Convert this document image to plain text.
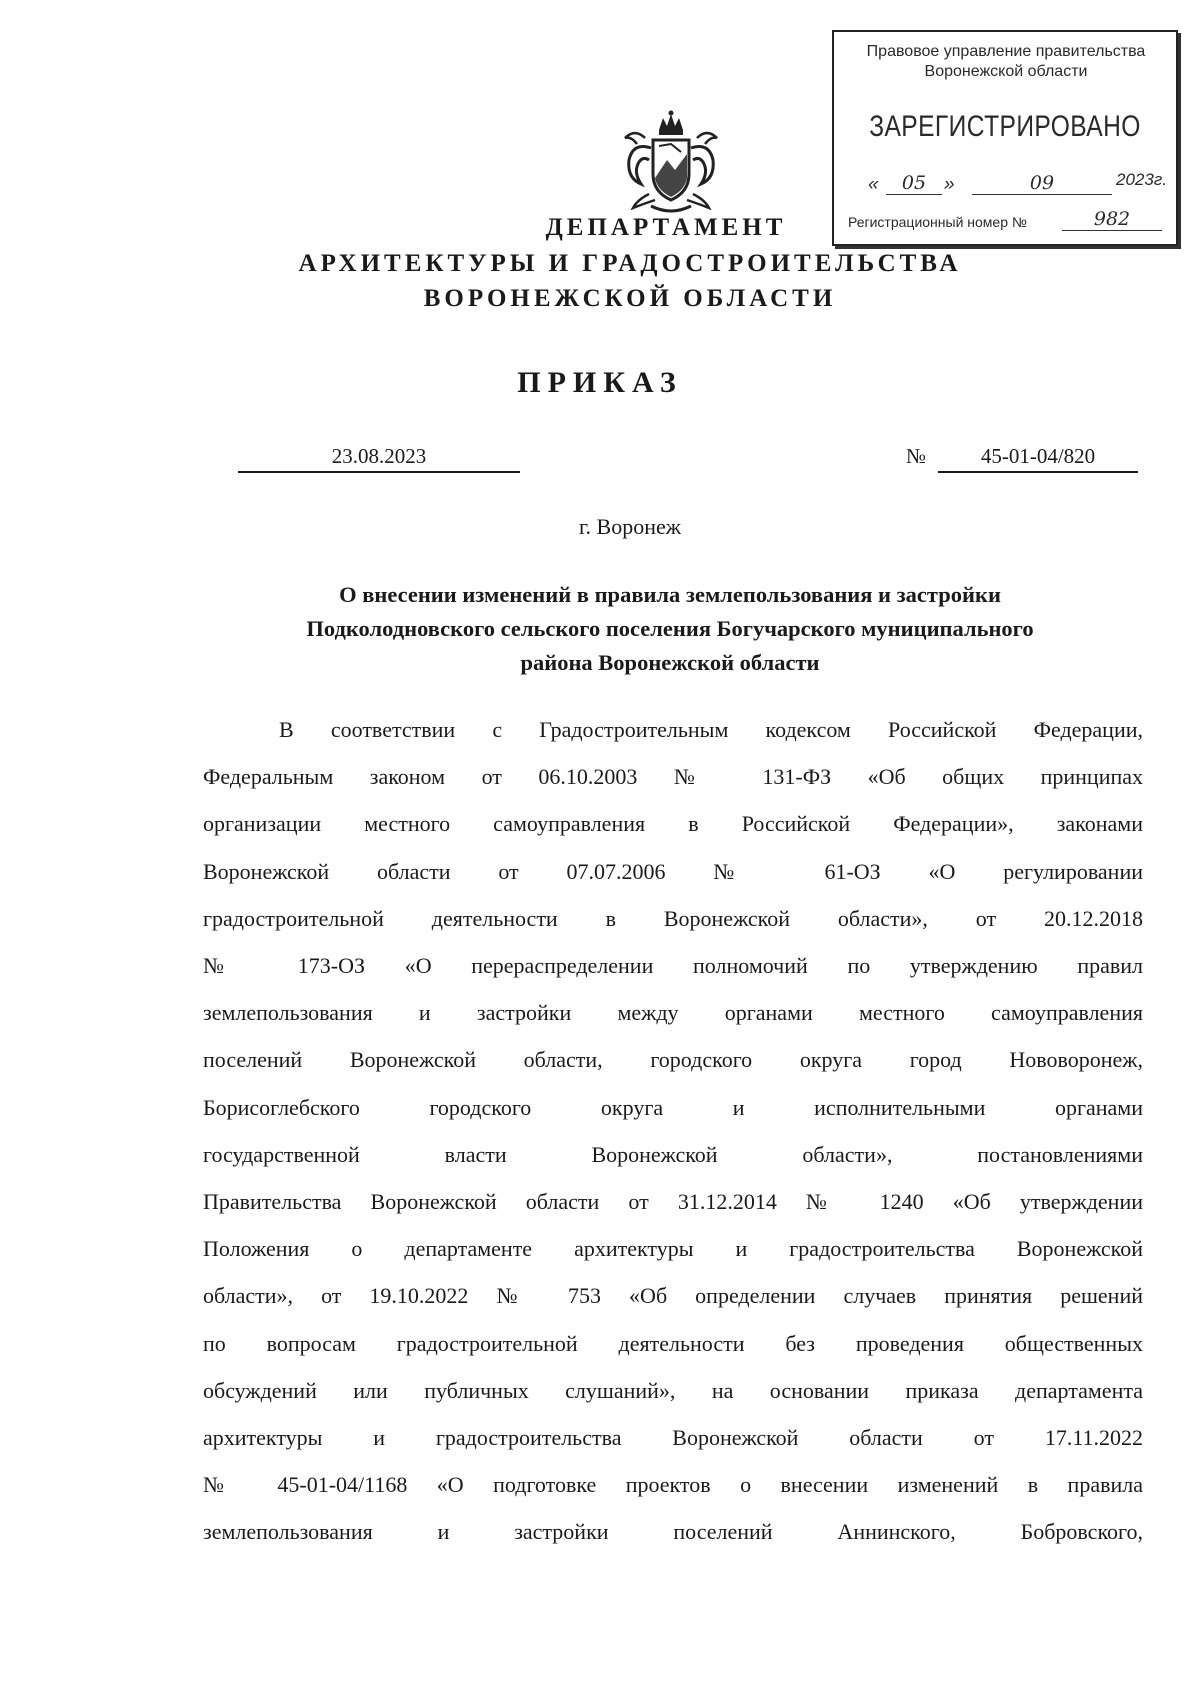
Правовое управление правительства
Воронежской области
ЗАРЕГИСТРИРОВАНО
«	05 »	09	2023г.
Регистрационный номер №	982
ДЕПАРТАМЕНТ
АРХИТЕКТУРЫ И ГРАДОСТРОИТЕЛЬСТВА
ВОРОНЕЖСКОЙ ОБЛАСТИ
ПРИКАЗ
23.08.2023	№	45-01-04/820
г. Воронеж
О внесении изменений в правила землепользования и застройки
Подколодновского сельского поселения Богучарского муниципального
района Воронежской области
В соответствии с Градостроительным кодексом Российской Федерации,
Федеральным законом от 06.10.2003 № 131-ФЗ «Об общих принципах
организации местного самоуправления в Российской Федерации», законами
Воронежской области от 07.07.2006 № 61-ОЗ «О регулировании
градостроительной деятельности в Воронежской области», от 20.12.2018
№ 173-ОЗ «О перераспределении полномочий по утверждению правил
землепользования и застройки между органами местного самоуправления
поселений Воронежской области, городского округа город Нововоронеж,
Борисоглебского городского округа и исполнительными органами
государственной власти Воронежской области», постановлениями
Правительства Воронежской области от 31.12.2014 № 1240 «Об утверждении
Положения о департаменте архитектуры и градостроительства Воронежской
области», от 19.10.2022 № 753 «Об определении случаев принятия решений
по вопросам градостроительной деятельности без проведения общественных
обсуждений или публичных слушаний», на основании приказа департамента
архитектуры и градостроительства Воронежской области от 17.11.2022
№ 45-01-04/1168 «О подготовке проектов о внесении изменений в правила
землепользования и застройки поселений Аннинского, Бобровского,
